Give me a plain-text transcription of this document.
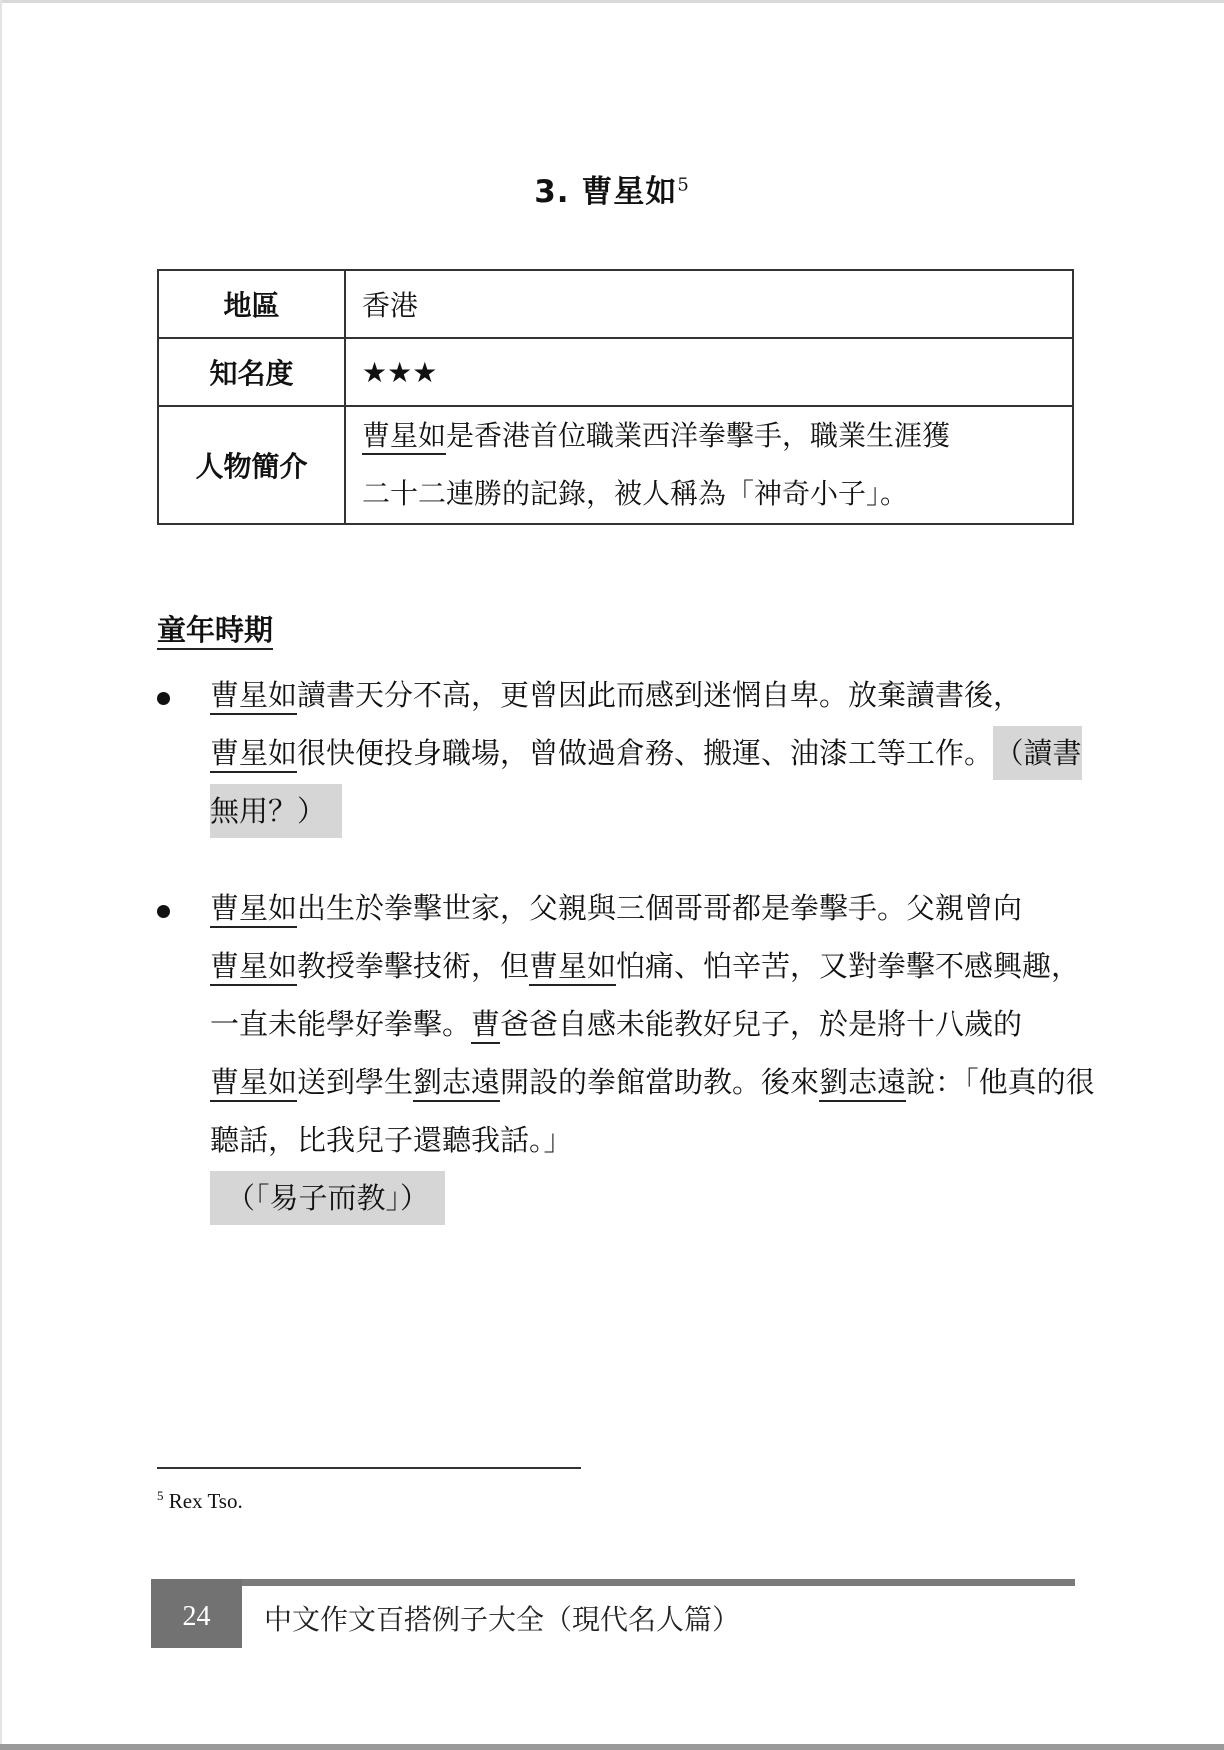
3. 曹星如$^5$
地區	香港
知名度	★★★
人物簡介	曹星如是香港首位職業西洋拳擊手，職業生涯獲
二十二連勝的記錄，被人稱為「神奇小子」。
童年時期
曹星如讀書天分不高，更曾因此而感到迷惘自卑。放棄讀書後，曹星如很快便投身職場，曾做過倉務、搬運、油漆工等工作。 （讀書無用？）
曹星如出生於拳擊世家，父親與三個哥哥都是拳擊手。父親曾向曹星如教授拳擊技術，但曹星如怕痛、怕辛苦，又對拳擊不感興趣，一直未能學好拳擊。曹爸爸自感未能教好兒子，於是將十八歲的曹星如送到學生劉志遠開設的拳館當助教。後來劉志遠說：「他真的很聽話，比我兒子還聽我話。」
（「易子而教」）
$^5$ Rex Tso.
24	中文作文百搭例子大全（現代名人篇）
